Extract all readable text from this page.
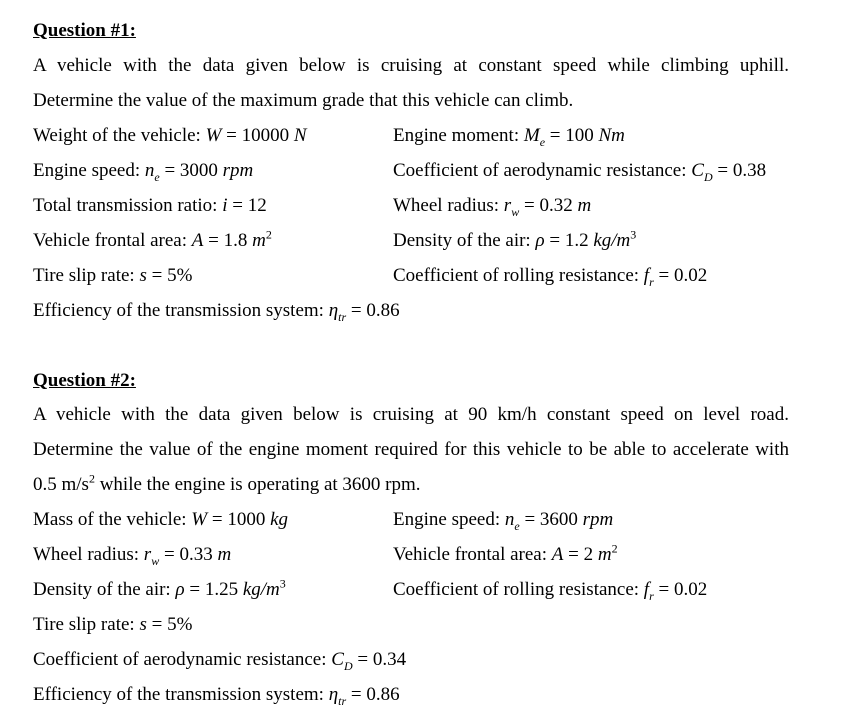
Question #1:
A vehicle with the data given below is cruising at constant speed while climbing uphill.
Determine the value of the maximum grade that this vehicle can climb.
Weight of the vehicle: W = 10000 N	Engine moment: $M_e = 100$ Nm
Engine speed: $n_e = 3000$ rpm	Coefficient of aerodynamic resistance: $C_D = 0.38$
Total transmission ratio: i = 12	Wheel radius: $r_w = 0.32$ m
Vehicle frontal area: A = 1.8 $m^2$	Density of the air: ρ = 1.2 $kg/m^3$
Tire slip rate: s = 5%	Coefficient of rolling resistance: $f_r = 0.02$
Efficiency of the transmission system: $\eta_{tr} = 0.86$
Question #2:
A vehicle with the data given below is cruising at 90 km/h constant speed on level road.
Determine the value of the engine moment required for this vehicle to be able to accelerate with
0.5 $m/s^2$ while the engine is operating at 3600 rpm.
Mass of the vehicle: W = 1000 kg	Engine speed: $n_e = 3600$ rpm
Wheel radius: $r_w = 0.33$ m	Vehicle frontal area: A = 2 $m^2$
Density of the air: ρ = 1.25 $kg/m^3$	Coefficient of rolling resistance: $f_r = 0.02$
Tire slip rate: s = 5%
Coefficient of aerodynamic resistance: $C_D = 0.34$
Efficiency of the transmission system: $\eta_{tr} = 0.86$
